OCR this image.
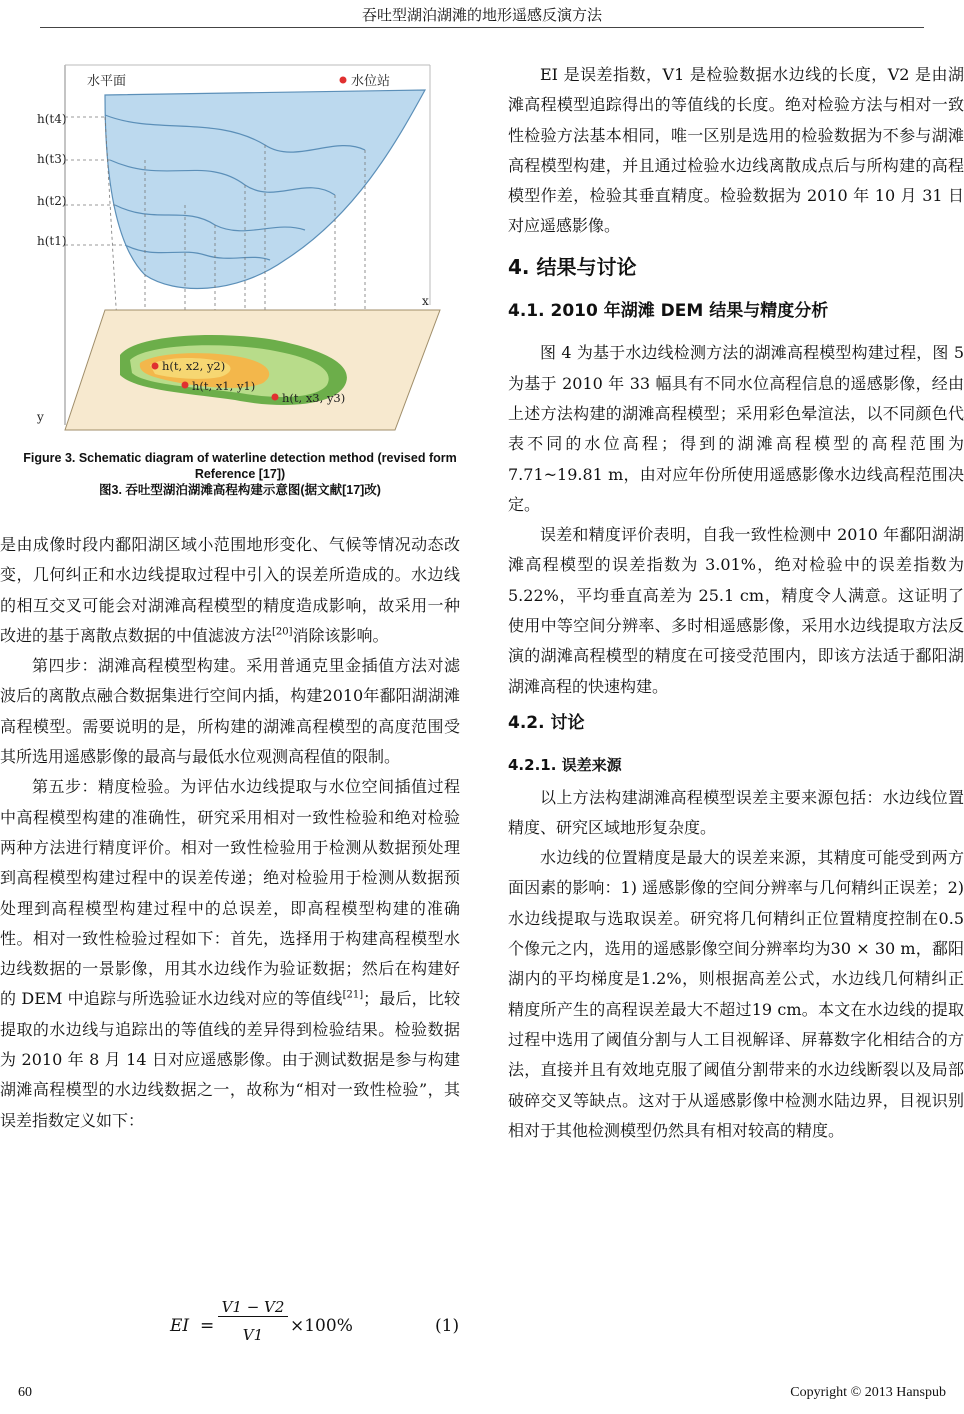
吞吐型湖泊湖滩的地形遥感反演方法
水平面	水位站
h(t4)
h(t3)
h(t2)
h(t1)
x
y
h(t, x2, y2)
h(t, x1, y1)
h(t, x3, y3)
Figure 3. Schematic diagram of waterline detection method (revised form Reference [17])
图3. 吞吐型湖泊湖滩高程构建示意图(据文献[17]改)

是由成像时段内鄱阳湖区域小范围地形变化、气候等情况动态改变，几何纠正和水边线提取过程中引入的误差所造成的。水边线的相互交叉可能会对湖滩高程模型的精度造成影响，故采用一种改进的基于离散点数据的中值滤波方法[20]消除该影响。

第四步：湖滩高程模型构建。采用普通克里金插值方法对滤波后的离散点融合数据集进行空间内插，构建2010年鄱阳湖湖滩高程模型。需要说明的是，所构建的湖滩高程模型的高度范围受其所选用遥感影像的最高与最低水位观测高程值的限制。

第五步：精度检验。为评估水边线提取与水位空间插值过程中高程模型构建的准确性，研究采用相对一致性检验和绝对检验两种方法进行精度评价。相对一致性检验用于检测从数据预处理到高程模型构建过程中的误差传递；绝对检验用于检测从数据预处理到高程模型构建过程中的总误差，即高程模型构建的准确性。相对一致性检验过程如下：首先，选择用于构建高程模型水边线数据的一景影像，用其水边线作为验证数据；然后在构建好的 DEM 中追踪与所选验证水边线对应的等值线[21]；最后，比较提取的水边线与追踪出的等值线的差异得到检验结果。检验数据为 2010 年 8 月 14 日对应遥感影像。由于测试数据是参与构建湖滩高程模型的水边线数据之一，故称为“相对一致性检验”，其误差指数定义如下：

EI =
V1 − V2
V1	×100%	(1)

EI 是误差指数，V1 是检验数据水边线的长度，V2 是由湖滩高程模型追踪得出的等值线的长度。绝对检验方法与相对一致性检验方法基本相同，唯一区别是选用的检验数据为不参与湖滩高程模型构建，并且通过检验水边线离散成点后与所构建的高程模型作差，检验其垂直精度。检验数据为 2010 年 10 月 31 日对应遥感影像。

4. 结果与讨论

4.1. 2010 年湖滩 DEM 结果与精度分析

图 4 为基于水边线检测方法的湖滩高程模型构建过程，图 5 为基于 2010 年 33 幅具有不同水位高程信息的遥感影像，经由上述方法构建的湖滩高程模型；采用彩色晕渲法，以不同颜色代表不同的水位高程；得到的湖滩高程模型的高程范围为 7.71~19.81 m，由对应年份所使用遥感影像水边线高程范围决定。

误差和精度评价表明，自我一致性检测中 2010 年鄱阳湖湖滩高程模型的误差指数为 3.01%，绝对检验中的误差指数为 5.22%，平均垂直高差为 25.1 cm，精度令人满意。这证明了使用中等空间分辨率、多时相遥感影像，采用水边线提取方法反演的湖滩高程模型的精度在可接受范围内，即该方法适于鄱阳湖湖滩高程的快速构建。

4.2. 讨论

4.2.1. 误差来源

以上方法构建湖滩高程模型误差主要来源包括：水边线位置精度、研究区域地形复杂度。

水边线的位置精度是最大的误差来源，其精度可能受到两方面因素的影响：1) 遥感影像的空间分辨率与几何精纠正误差；2) 水边线提取与选取误差。研究将几何精纠正位置精度控制在0.5个像元之内，选用的遥感影像空间分辨率均为30 × 30 m，鄱阳湖内的平均梯度是1.2%，则根据高差公式，水边线几何精纠正精度所产生的高程误差最大不超过19 cm。本文在水边线的提取过程中选用了阈值分割与人工目视解译、屏幕数字化相结合的方法，直接并且有效地克服了阈值分割带来的水边线断裂以及局部破碎交叉等缺点。这对于从遥感影像中检测水陆边界，目视识别相对于其他检测模型仍然具有相对较高的精度。

60	Copyright © 2013 Hanspub
